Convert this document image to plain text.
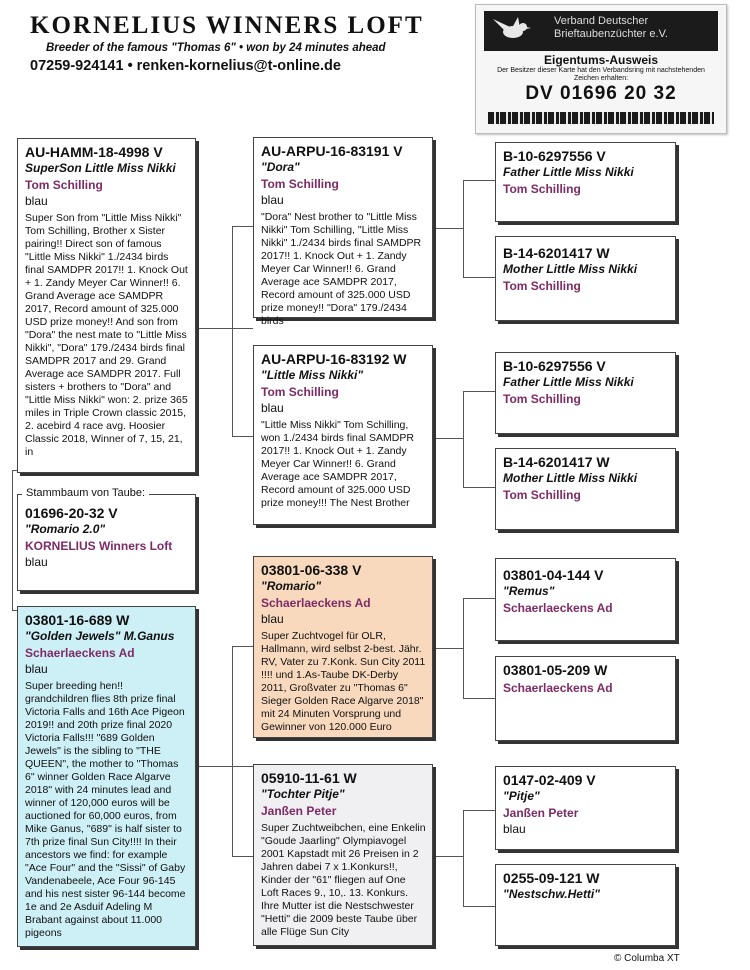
KORNELIUS WINNERS LOFT
Breeder of the famous "Thomas 6" • won by 24 minutes ahead
07259-924141 • renken-kornelius@t-online.de
Verband Deutscher
Brieftaubenzüchter e.V.
Eigentums-Ausweis
Der Besitzer dieser Karte hat den Verbandsring mit nachstehenden Zeichen erhalten:
DV 01696 20 32
AU-HAMM-18-4998 V
SuperSon Little Miss Nikki
Tom Schilling
blau
Super Son from "Little Miss Nikki" Tom Schilling, Brother x Sister pairing!! Direct son of famous "Little Miss Nikki" 1./2434 birds final SAMDPR 2017!! 1. Knock Out + 1. Zandy Meyer Car Winner!! 6. Grand Average ace SAMDPR 2017, Record amount of 325.000 USD prize money!! And son from "Dora" the nest mate to "Little Miss Nikki", "Dora" 179./2434 birds final SAMDPR 2017 and 29. Grand Average ace SAMDPR 2017. Full sisters + brothers to "Dora" and "Little Miss Nikki" won: 2. prize 365 miles in Triple Crown classic 2015, 2. acebird 4 race avg. Hoosier Classic 2018, Winner of 7, 15, 21, in
01696-20-32 V
"Romario 2.0"
KORNELIUS Winners Loft
blau
Stammbaum von Taube:
03801-16-689 W
"Golden Jewels" M.Ganus
Schaerlaeckens Ad
blau
Super breeding hen!! grandchildren flies 8th prize final Victoria Falls and 16th Ace Pigeon 2019!! and 20th prize final 2020 Victoria Falls!!! "689 Golden Jewels" is the sibling to "THE QUEEN", the mother to "Thomas 6" winner Golden Race Algarve 2018" with 24 minutes lead and winner of 120,000 euros will be auctioned for 60,000 euros, from Mike Ganus, "689" is half sister to 7th prize final Sun City!!!! In their ancestors we find: for example "Ace Four" and the "Sissi" of Gaby Vandenabeele, Ace Four 96-145 and his nest sister 96-144 become 1e and 2e Asduif Adeling M Brabant against about 11.000 pigeons
AU-ARPU-16-83191 V
"Dora"
Tom Schilling
blau
"Dora" Nest brother to "Little Miss Nikki" Tom Schilling, "Little Miss Nikki" 1./2434 birds final SAMDPR 2017!! 1. Knock Out + 1. Zandy Meyer Car Winner!! 6. Grand Average ace SAMDPR 2017, Record amount of 325.000 USD prize money!! "Dora" 179./2434 birds
AU-ARPU-16-83192 W
"Little Miss Nikki"
Tom Schilling
blau
"Little Miss Nikki" Tom Schilling, won 1./2434 birds final SAMDPR 2017!! 1. Knock Out + 1. Zandy Meyer Car Winner!! 6. Grand Average ace SAMDPR 2017, Record amount of 325.000 USD prize money!!! The Nest Brother
03801-06-338 V
"Romario"
Schaerlaeckens Ad
blau
Super Zuchtvogel für OLR, Hallmann, wird selbst 2-best. Jähr. RV, Vater zu 7.Konk. Sun City 2011 !!!! und 1.As-Taube DK-Derby 2011, Großvater zu "Thomas 6" Sieger Golden Race Algarve 2018" mit 24 Minuten Vorsprung und Gewinner von 120.000 Euro
05910-11-61 W
"Tochter Pitje"
Janßen Peter
Super Zuchtweibchen, eine Enkelin "Goude Jaarling" Olympiavogel 2001 Kapstadt mit 26 Preisen in 2 Jahren dabei 7 x 1.Konkurs!!, Kinder der "61" fliegen auf One Loft Races 9., 10,. 13. Konkurs. Ihre Mutter ist die Nestschwester "Hetti" die 2009 beste Taube über alle Flüge Sun City
B-10-6297556 V
Father Little Miss Nikki
Tom Schilling
B-14-6201417 W
Mother Little Miss Nikki
Tom Schilling
B-10-6297556 V
Father Little Miss Nikki
Tom Schilling
B-14-6201417 W
Mother Little Miss Nikki
Tom Schilling
03801-04-144 V
"Remus"
Schaerlaeckens Ad
03801-05-209 W
Schaerlaeckens Ad
0147-02-409 V
"Pitje"
Janßen Peter
blau
0255-09-121 W
"Nestschw.Hetti"
© Columba XT
